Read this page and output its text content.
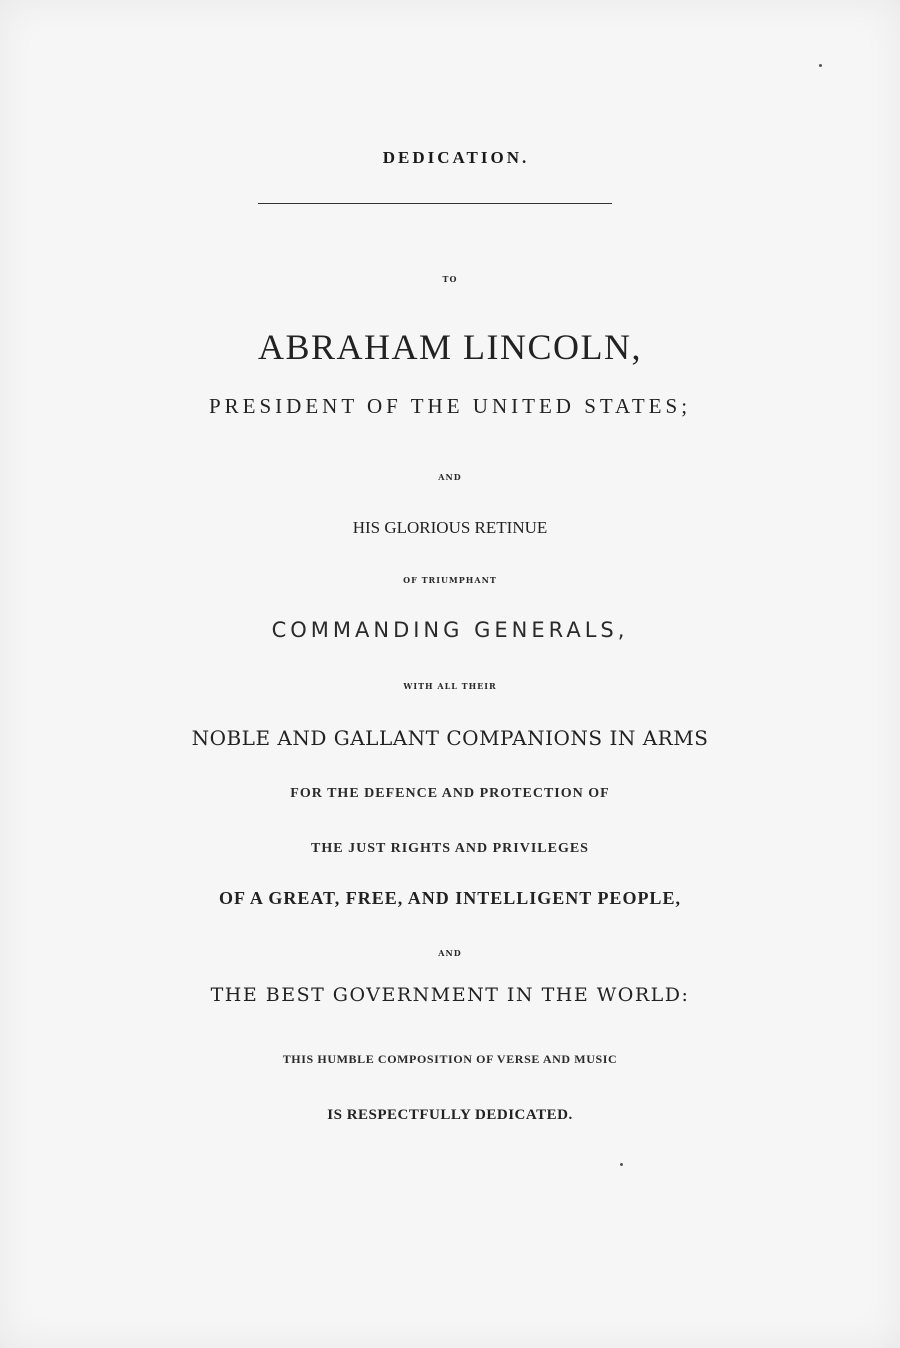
DEDICATION.
TO
ABRAHAM LINCOLN,
PRESIDENT OF THE UNITED STATES;
AND
HIS GLORIOUS RETINUE
OF TRIUMPHANT
COMMANDING GENERALS,
WITH ALL THEIR
NOBLE AND GALLANT COMPANIONS IN ARMS
FOR THE DEFENCE AND PROTECTION OF
THE JUST RIGHTS AND PRIVILEGES
OF A GREAT, FREE, AND INTELLIGENT PEOPLE,
AND
THE BEST GOVERNMENT IN THE WORLD:
THIS HUMBLE COMPOSITION OF VERSE AND MUSIC
IS RESPECTFULLY DEDICATED.
